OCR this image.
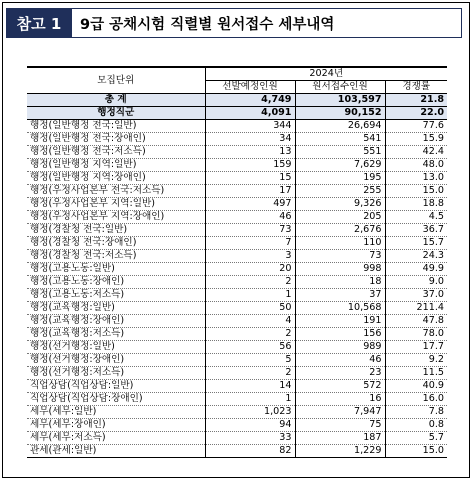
참고 1	9급 공채시험 직렬별 원서접수 세부내역
모집단위	2024년		
	선발예정인원	원서접수인원	경쟁률
총 계	4,749	103,597	21.8
행정직군	4,091	90,152	22.0
행정(일반행정 전국:일반)	344	26,694	77.6
행정(일반행정 전국:장애인)	34	541	15.9
행정(일반행정 전국:저소득)	13	551	42.4
행정(일반행정 지역:일반)	159	7,629	48.0
행정(일반행정 지역:장애인)	15	195	13.0
행정(우정사업본부 전국:저소득)	17	255	15.0
행정(우정사업본부 지역:일반)	497	9,326	18.8
행정(우정사업본부 지역:장애인)	46	205	4.5
행정(경찰청 전국:일반)	73	2,676	36.7
행정(경찰청 전국:장애인)	7	110	15.7
행정(경찰청 전국:저소득)	3	73	24.3
행정(고용노동:일반)	20	998	49.9
행정(고용노동:장애인)	2	18	9.0
행정(고용노동:저소득)	1	37	37.0
행정(교육행정:일반)	50	10,568	211.4
행정(교육행정:장애인)	4	191	47.8
행정(교육행정:저소득)	2	156	78.0
행정(선거행정:일반)	56	989	17.7
행정(선거행정:장애인)	5	46	9.2
행정(선거행정:저소득)	2	23	11.5
직업상담(직업상담:일반)	14	572	40.9
직업상담(직업상담:장애인)	1	16	16.0
세무(세무:일반)	1,023	7,947	7.8
세무(세무:장애인)	94	75	0.8
세무(세무:저소득)	33	187	5.7
관세(관세:일반)	82	1,229	15.0
